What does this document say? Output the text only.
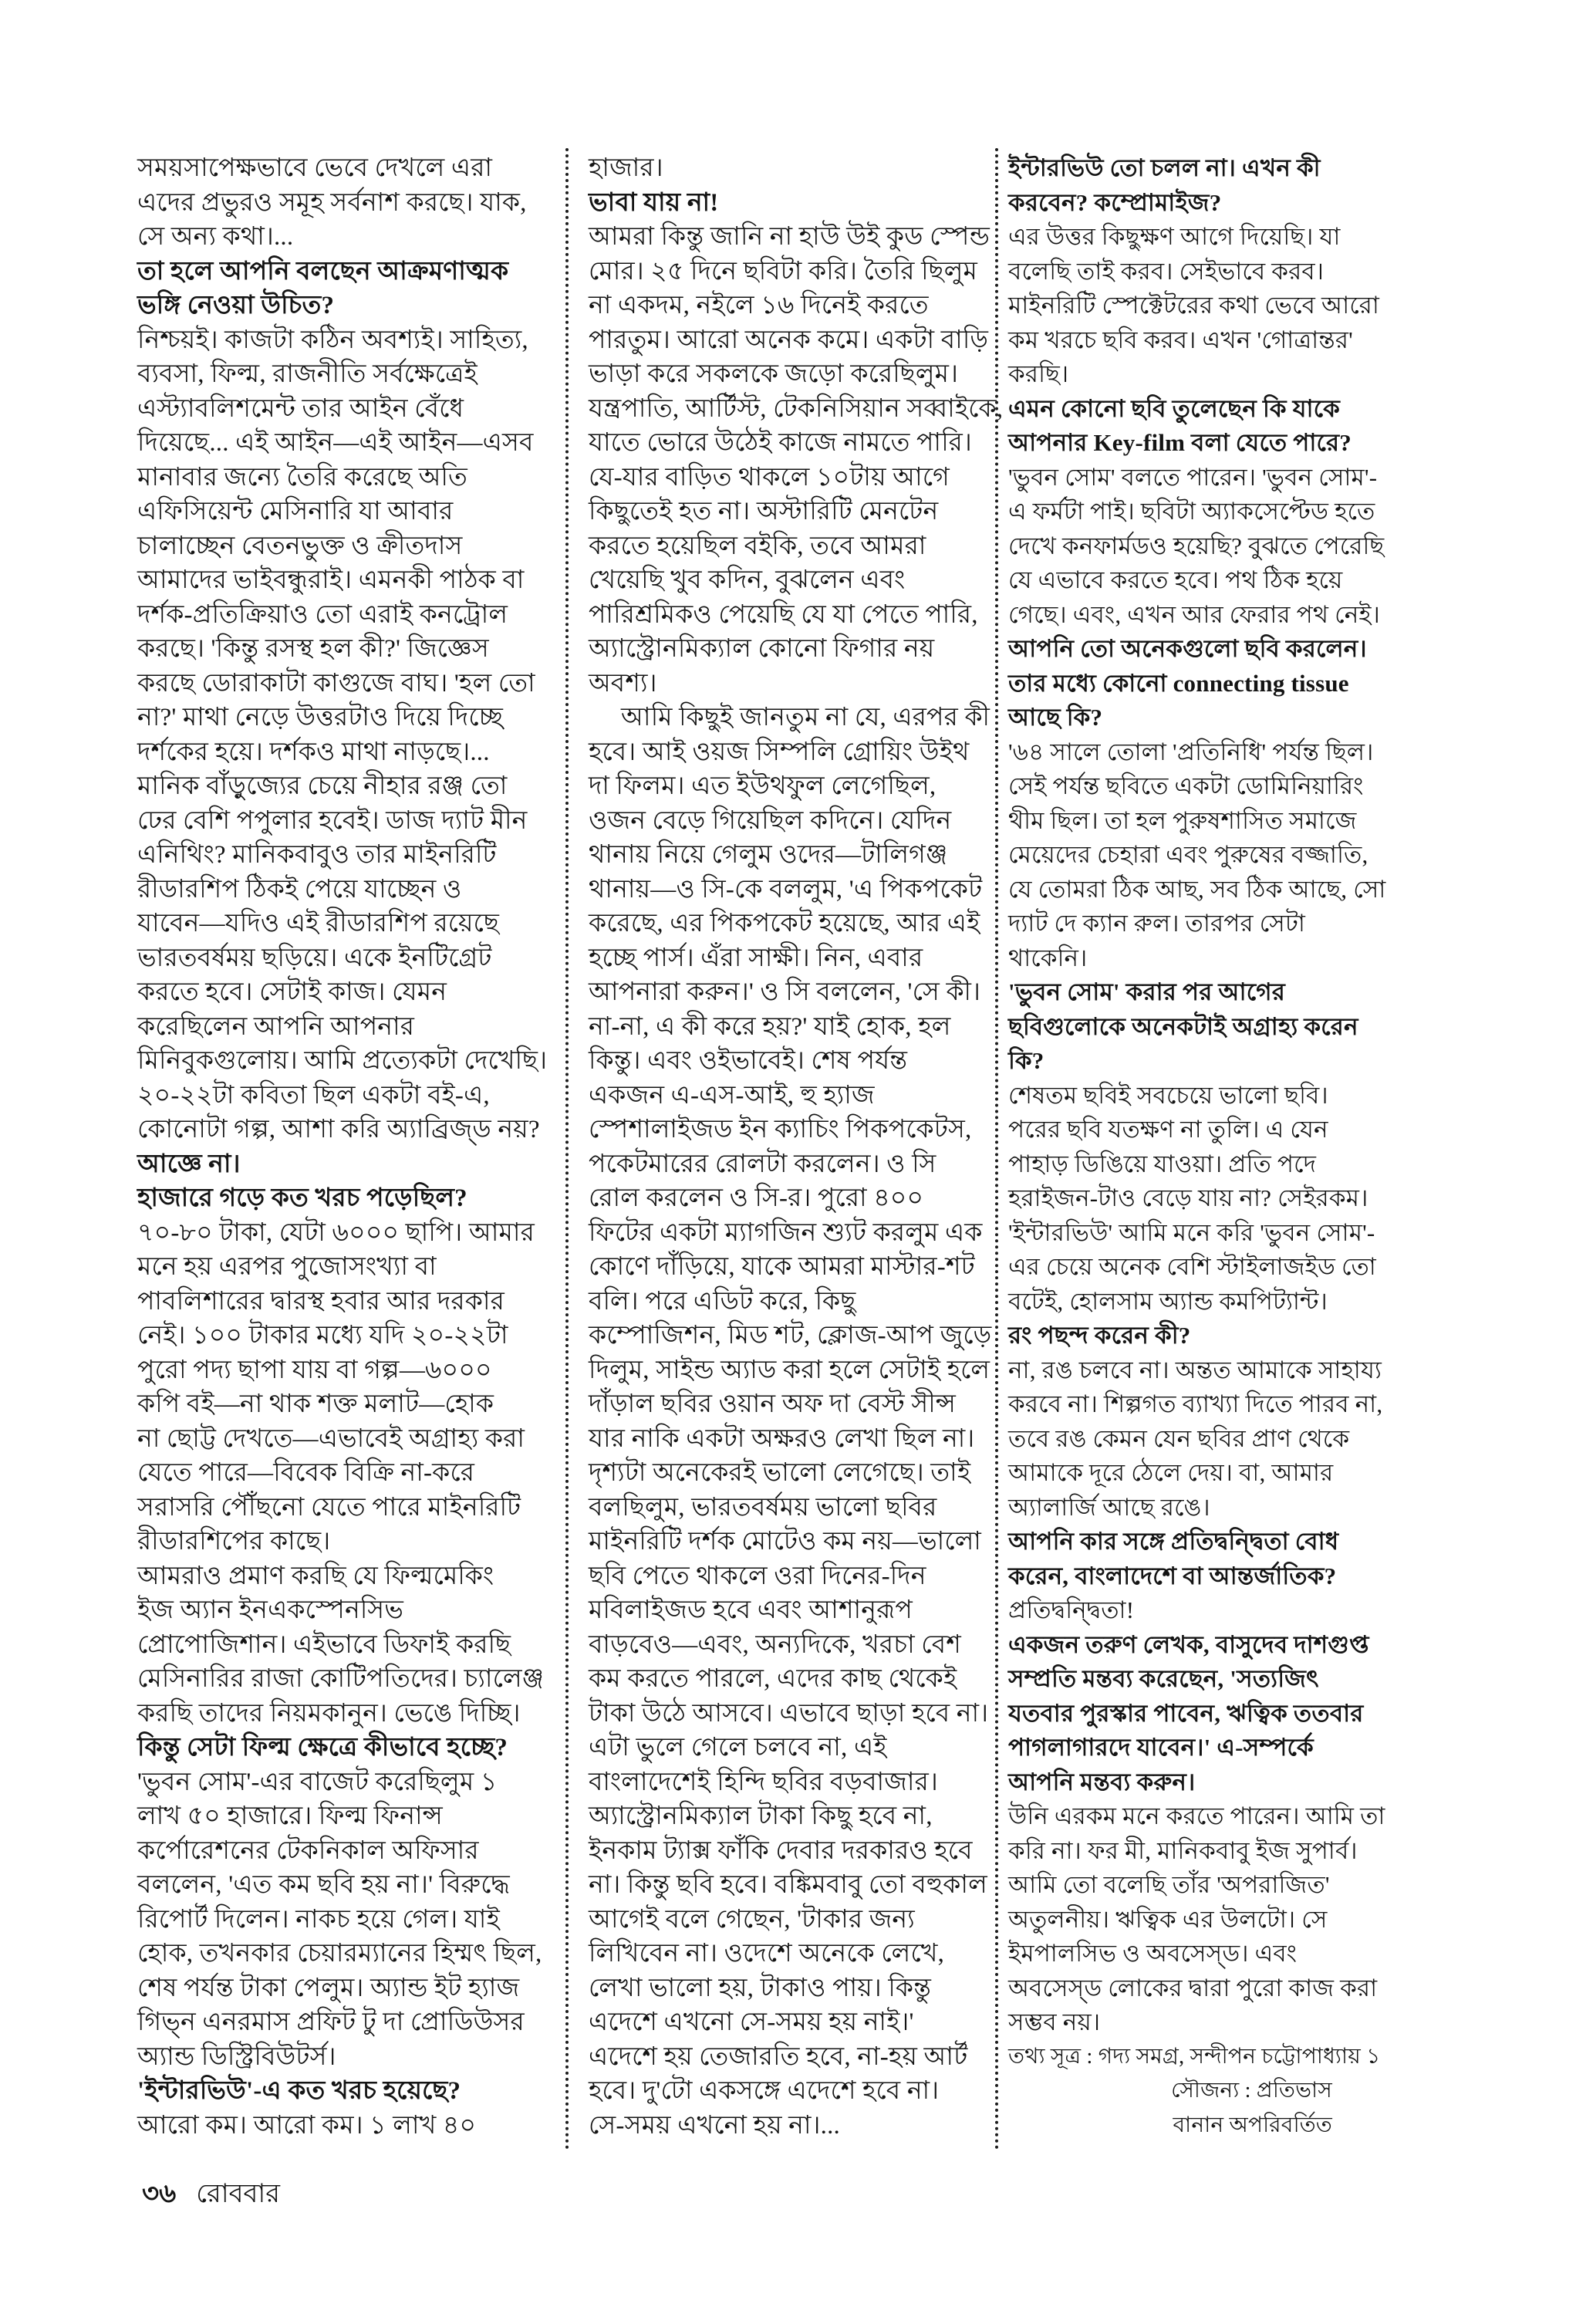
সময়সাপেক্ষভাবে ভেবে দেখলে এরা
এদের প্রভুরও সমূহ সর্বনাশ করছে। যাক,
সে অন্য কথা।...
তা হলে আপনি বলছেন আক্রমণাত্মক
ভঙ্গি নেওয়া উচিত?
নিশ্চয়ই। কাজটা কঠিন অবশ্যই। সাহিত্য,
ব্যবসা, ফিল্ম, রাজনীতি সর্বক্ষেত্রেই
এস্ট্যাবলিশমেন্ট তার আইন বেঁধে
দিয়েছে... এই আইন—এই আইন—এসব
মানাবার জন্যে তৈরি করেছে অতি
এফিসিয়েন্ট মেসিনারি যা আবার
চালাচ্ছেন বেতনভুক্ত ও ক্রীতদাস
আমাদের ভাইবন্ধুরাই। এমনকী পাঠক বা
দর্শক-প্রতিক্রিয়াও তো এরাই কনট্রোল
করছে। 'কিন্তু রসস্থ হল কী?' জিজ্ঞেস
করছে ডোরাকাটা কাগুজে বাঘ। 'হল তো
না?' মাথা নেড়ে উত্তরটাও দিয়ে দিচ্ছে
দর্শকের হয়ে। দর্শকও মাথা নাড়ছে।...
মানিক বাঁড়ুজ্যের চেয়ে নীহার রঞ্জ তো
ঢের বেশি পপুলার হবেই। ডাজ দ্যাট মীন
এনিথিং? মানিকবাবুও তার মাইনরিটি
রীডারশিপ ঠিকই পেয়ে যাচ্ছেন ও
যাবেন—যদিও এই রীডারশিপ রয়েছে
ভারতবর্ষময় ছড়িয়ে। একে ইনটিগ্রেট
করতে হবে। সেটাই কাজ। যেমন
করেছিলেন আপনি আপনার
মিনিবুকগুলোয়। আমি প্রত্যেকটা দেখেছি।
২০-২২টা কবিতা ছিল একটা বই-এ,
কোনোটা গল্প, আশা করি অ্যাব্রিজ্ড নয়?
আজ্ঞে না।
হাজারে গড়ে কত খরচ পড়েছিল?
৭০-৮০ টাকা, যেটা ৬০০০ ছাপি। আমার
মনে হয় এরপর পুজোসংখ্যা বা
পাবলিশারের দ্বারস্থ হবার আর দরকার
নেই। ১০০ টাকার মধ্যে যদি ২০-২২টা
পুরো পদ্য ছাপা যায় বা গল্প—৬০০০
কপি বই—না থাক শক্ত মলাট—হোক
না ছোট্ট দেখতে—এভাবেই অগ্রাহ্য করা
যেতে পারে—বিবেক বিক্রি না-করে
সরাসরি পৌঁছনো যেতে পারে মাইনরিটি
রীডারশিপের কাছে।
আমরাও প্রমাণ করছি যে ফিল্মমেকিং
ইজ অ্যান ইনএকস্পেনসিভ
প্রোপোজিশান। এইভাবে ডিফাই করছি
মেসিনারির রাজা কোটিপতিদের। চ্যালেঞ্জ
করছি তাদের নিয়মকানুন। ভেঙে দিচ্ছি।
কিন্তু সেটা ফিল্ম ক্ষেত্রে কীভাবে হচ্ছে?
'ভুবন সোম'-এর বাজেট করেছিলুম ১
লাখ ৫০ হাজারে। ফিল্ম ফিনান্স
কর্পোরেশনের টেকনিকাল অফিসার
বললেন, 'এত কম ছবি হয় না।' বিরুদ্ধে
রিপোর্ট দিলেন। নাকচ হয়ে গেল। যাই
হোক, তখনকার চেয়ারম্যানের হিম্মৎ ছিল,
শেষ পর্যন্ত টাকা পেলুম। অ্যান্ড ইট হ্যাজ
গিভ্ন এনরমাস প্রফিট টু দা প্রোডিউসর
অ্যান্ড ডিস্ট্রিবিউটর্স।
'ইন্টারভিউ'-এ কত খরচ হয়েছে?
আরো কম। আরো কম। ১ লাখ ৪০
হাজার।
ভাবা যায় না!
আমরা কিন্তু জানি না হাউ উই কুড স্পেন্ড
মোর। ২৫ দিনে ছবিটা করি। তৈরি ছিলুম
না একদম, নইলে ১৬ দিনেই করতে
পারতুম। আরো অনেক কমে। একটা বাড়ি
ভাড়া করে সকলকে জড়ো করেছিলুম।
যন্ত্রপাতি, আর্টিস্ট, টেকনিসিয়ান সব্বাইকে,
যাতে ভোরে উঠেই কাজে নামতে পারি।
যে-যার বাড়িত থাকলে ১০টায় আগে
কিছুতেই হত না। অস্টারিটি মেনটেন
করতে হয়েছিল বইকি, তবে আমরা
খেয়েছি খুব কদিন, বুঝলেন এবং
পারিশ্রমিকও পেয়েছি যে যা পেতে পারি,
অ্যাস্ট্রোনমিক্যাল কোনো ফিগার নয়
অবশ্য।
আমি কিছুই জানতুম না যে, এরপর কী
হবে। আই ওয়জ সিম্পলি গ্রোয়িং উইথ
দা ফিলম। এত ইউথফুল লেগেছিল,
ওজন বেড়ে গিয়েছিল কদিনে। যেদিন
থানায় নিয়ে গেলুম ওদের—টালিগঞ্জ
থানায়—ও সি-কে বললুম, 'এ পিকপকেট
করেছে, এর পিকপকেট হয়েছে, আর এই
হচ্ছে পার্স। এঁরা সাক্ষী। নিন, এবার
আপনারা করুন।' ও সি বললেন, 'সে কী।
না-না, এ কী করে হয়?' যাই হোক, হল
কিন্তু। এবং ওইভাবেই। শেষ পর্যন্ত
একজন এ-এস-আই, হু হ্যাজ
স্পেশালাইজড ইন ক্যাচিং পিকপকেটস,
পকেটমারের রোলটা করলেন। ও সি
রোল করলেন ও সি-র। পুরো ৪০০
ফিটের একটা ম্যাগজিন শ্যুট করলুম এক
কোণে দাঁড়িয়ে, যাকে আমরা মাস্টার-শট
বলি। পরে এডিট করে, কিছু
কম্পোজিশন, মিড শট, ক্লোজ-আপ জুড়ে
দিলুম, সাইন্ড অ্যাড করা হলে সেটাই হলে
দাঁড়াল ছবির ওয়ান অফ দা বেস্ট সীন্স
যার নাকি একটা অক্ষরও লেখা ছিল না।
দৃশ্যটা অনেকেরই ভালো লেগেছে। তাই
বলছিলুম, ভারতবর্ষময় ভালো ছবির
মাইনরিটি দর্শক মোটেও কম নয়—ভালো
ছবি পেতে থাকলে ওরা দিনের-দিন
মবিলাইজড হবে এবং আশানুরূপ
বাড়বেও—এবং, অন্যদিকে, খরচা বেশ
কম করতে পারলে, এদের কাছ থেকেই
টাকা উঠে আসবে। এভাবে ছাড়া হবে না।
এটা ভুলে গেলে চলবে না, এই
বাংলাদেশেই হিন্দি ছবির বড়বাজার।
অ্যাস্ট্রোনমিক্যাল টাকা কিছু হবে না,
ইনকাম ট্যাক্স ফাঁকি দেবার দরকারও হবে
না। কিন্তু ছবি হবে। বঙ্কিমবাবু তো বহুকাল
আগেই বলে গেছেন, 'টাকার জন্য
লিখিবেন না। ওদেশে অনেকে লেখে,
লেখা ভালো হয়, টাকাও পায়। কিন্তু
এদেশে এখনো সে-সময় হয় নাই।'
এদেশে হয় তেজারতি হবে, না-হয় আর্ট
হবে। দু'টো একসঙ্গে এদেশে হবে না।
সে-সময় এখনো হয় না।...
ইন্টারভিউ তো চলল না। এখন কী
করবেন? কম্প্রোমাইজ?
এর উত্তর কিছুক্ষণ আগে দিয়েছি। যা
বলেছি তাই করব। সেইভাবে করব।
মাইনরিটি স্পেক্টেটরের কথা ভেবে আরো
কম খরচে ছবি করব। এখন 'গোত্রান্তর'
করছি।
এমন কোনো ছবি তুলেছেন কি যাকে
আপনার Key-film বলা যেতে পারে?
'ভুবন সোম' বলতে পারেন। 'ভুবন সোম'-
এ ফর্মটা পাই। ছবিটা অ্যাকসেপ্টেড হতে
দেখে কনফার্মডও হয়েছি? বুঝতে পেরেছি
যে এভাবে করতে হবে। পথ ঠিক হয়ে
গেছে। এবং, এখন আর ফেরার পথ নেই।
আপনি তো অনেকগুলো ছবি করলেন।
তার মধ্যে কোনো connecting tissue
আছে কি?
'৬৪ সালে তোলা 'প্রতিনিধি' পর্যন্ত ছিল।
সেই পর্যন্ত ছবিতে একটা ডোমিনিয়ারিং
থীম ছিল। তা হল পুরুষশাসিত সমাজে
মেয়েদের চেহারা এবং পুরুষের বজ্জাতি,
যে তোমরা ঠিক আছ, সব ঠিক আছে, সো
দ্যাট দে ক্যান রুল। তারপর সেটা
থাকেনি।
'ভুবন সোম' করার পর আগের
ছবিগুলোকে অনেকটাই অগ্রাহ্য করেন
কি?
শেষতম ছবিই সবচেয়ে ভালো ছবি।
পরের ছবি যতক্ষণ না তুলি। এ যেন
পাহাড় ডিঙিয়ে যাওয়া। প্রতি পদে
হরাইজন-টাও বেড়ে যায় না? সেইরকম।
'ইন্টারভিউ' আমি মনে করি 'ভুবন সোম'-
এর চেয়ে অনেক বেশি স্টাইলাজইড তো
বটেই, হোলসাম অ্যান্ড কমপিট্যান্ট।
রং পছন্দ করেন কী?
না, রঙ চলবে না। অন্তত আমাকে সাহায্য
করবে না। শিল্পগত ব্যাখ্যা দিতে পারব না,
তবে রঙ কেমন যেন ছবির প্রাণ থেকে
আমাকে দূরে ঠেলে দেয়। বা, আমার
অ্যালার্জি আছে রঙে।
আপনি কার সঙ্গে প্রতিদ্বন্দ্বিতা বোধ
করেন, বাংলাদেশে বা আন্তর্জাতিক?
প্রতিদ্বন্দ্বিতা!
একজন তরুণ লেখক, বাসুদেব দাশগুপ্ত
সম্প্রতি মন্তব্য করেছেন, 'সত্যজিৎ
যতবার পুরস্কার পাবেন, ঋত্বিক ততবার
পাগলাগারদে যাবেন।' এ-সম্পর্কে
আপনি মন্তব্য করুন।
উনি এরকম মনে করতে পারেন। আমি তা
করি না। ফর মী, মানিকবাবু ইজ সুপার্ব।
আমি তো বলেছি তাঁর 'অপরাজিত'
অতুলনীয়। ঋত্বিক এর উলটো। সে
ইমপালসিভ ও অবসেস্ড। এবং
অবসেস্ড লোকের দ্বারা পুরো কাজ করা
সম্ভব নয়।
তথ্য সূত্র : গদ্য সমগ্র, সন্দীপন চট্টোপাধ্যায় ১
সৌজন্য : প্রতিভাস
বানান অপরিবর্তিত
৩৬ রোববার
